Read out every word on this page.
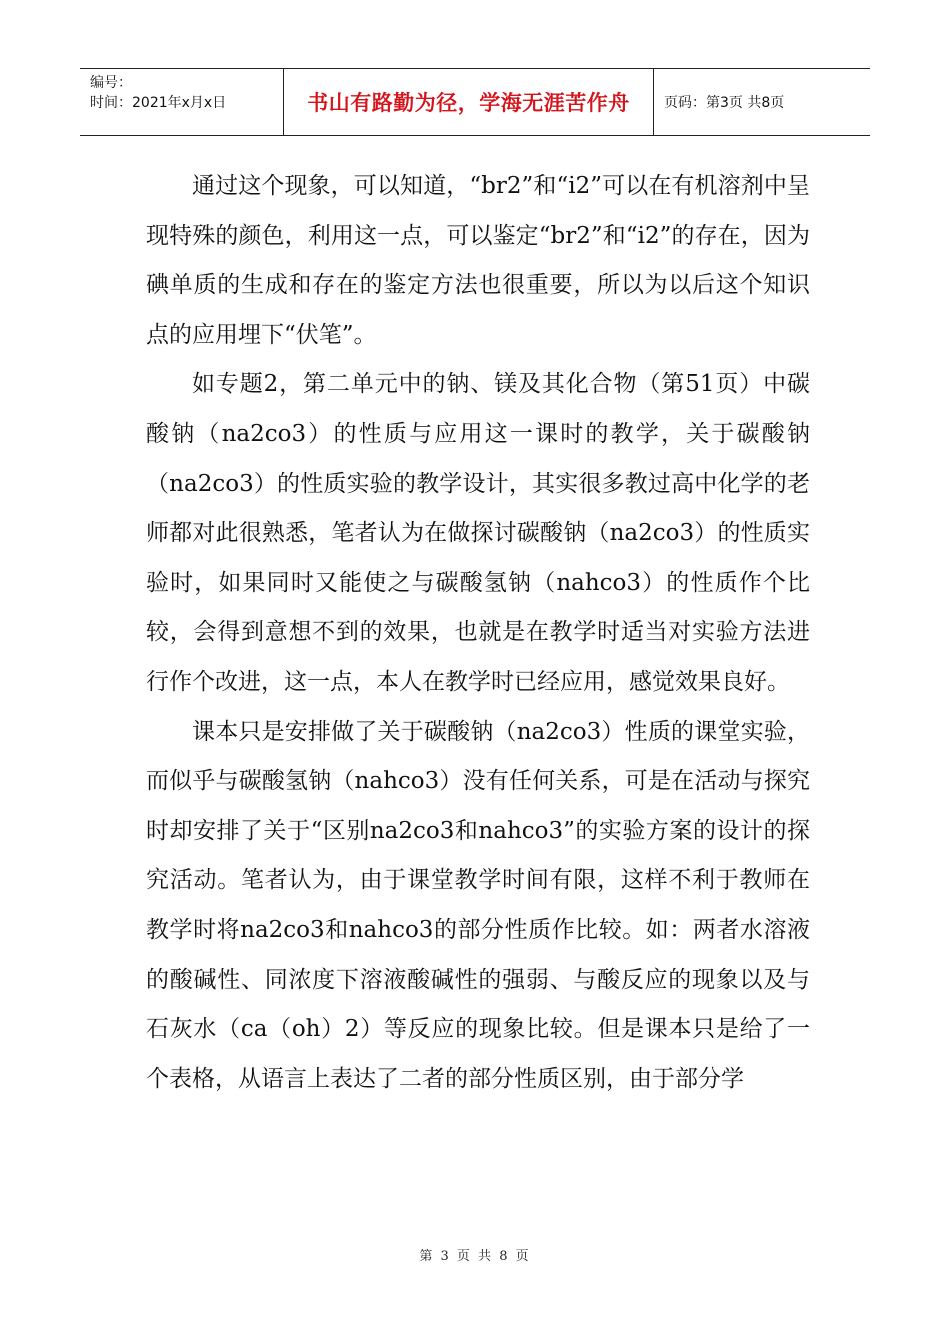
编号：
时间：2021年x月x日	书山有路勤为径，学海无涯苦作舟	页码：第3页 共8页

通过这个现象，可以知道，“br2”和“i2”可以在有机溶剂中呈现特殊的颜色，利用这一点，可以鉴定“br2”和“i2”的存在，因为碘单质的生成和存在的鉴定方法也很重要，所以为以后这个知识点的应用埋下“伏笔”。

如专题2，第二单元中的钠、镁及其化合物（第51页）中碳酸钠（na2co3）的性质与应用这一课时的教学，关于碳酸钠（na2co3）的性质实验的教学设计，其实很多教过高中化学的老师都对此很熟悉，笔者认为在做探讨碳酸钠（na2co3）的性质实验时，如果同时又能使之与碳酸氢钠（nahco3）的性质作个比较，会得到意想不到的效果，也就是在教学时适当对实验方法进行作个改进，这一点，本人在教学时已经应用，感觉效果良好。

课本只是安排做了关于碳酸钠（na2co3）性质的课堂实验，而似乎与碳酸氢钠（nahco3）没有任何关系，可是在活动与探究时却安排了关于“区别na2co3和nahco3”的实验方案的设计的探究活动。笔者认为，由于课堂教学时间有限，这样不利于教师在教学时将na2co3和nahco3的部分性质作比较。如：两者水溶液的酸碱性、同浓度下溶液酸碱性的强弱、与酸反应的现象以及与石灰水（ca（oh）2）等反应的现象比较。但是课本只是给了一个表格，从语言上表达了二者的部分性质区别，由于部分学

第 3 页 共 8 页
